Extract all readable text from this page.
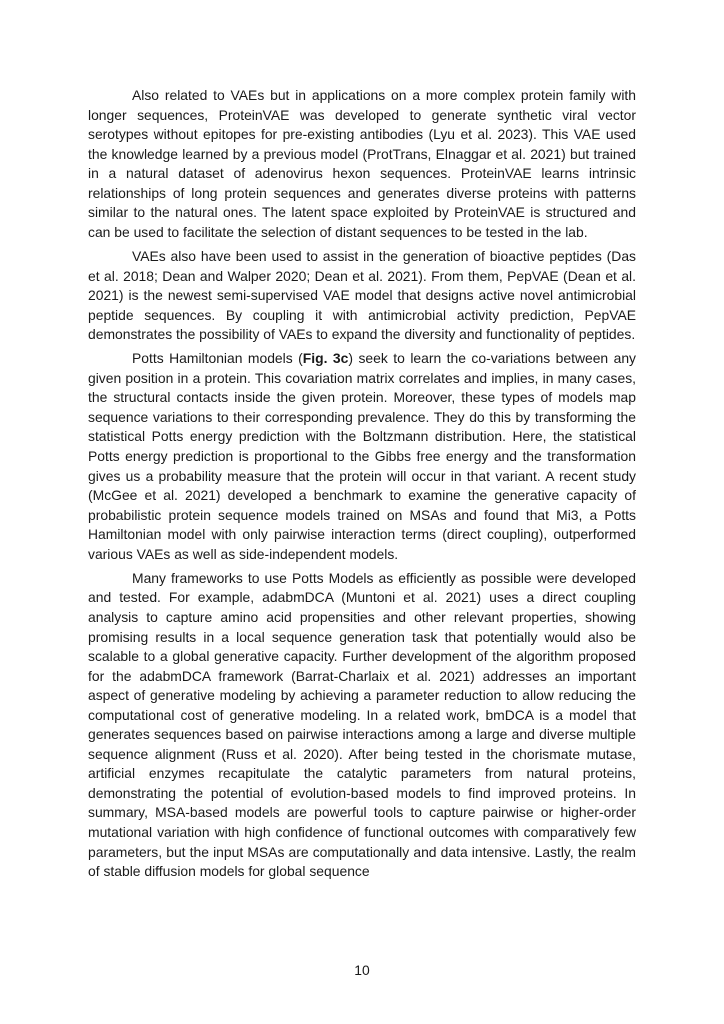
Also related to VAEs but in applications on a more complex protein family with longer sequences, ProteinVAE was developed to generate synthetic viral vector serotypes without epitopes for pre-existing antibodies (Lyu et al. 2023). This VAE used the knowledge learned by a previous model (ProtTrans, Elnaggar et al. 2021) but trained in a natural dataset of adenovirus hexon sequences. ProteinVAE learns intrinsic relationships of long protein sequences and generates diverse proteins with patterns similar to the natural ones. The latent space exploited by ProteinVAE is structured and can be used to facilitate the selection of distant sequences to be tested in the lab.

VAEs also have been used to assist in the generation of bioactive peptides (Das et al. 2018; Dean and Walper 2020; Dean et al. 2021). From them, PepVAE (Dean et al. 2021) is the newest semi-supervised VAE model that designs active novel antimicrobial peptide sequences. By coupling it with antimicrobial activity prediction, PepVAE demonstrates the possibility of VAEs to expand the diversity and functionality of peptides.

Potts Hamiltonian models (Fig. 3c) seek to learn the co-variations between any given position in a protein. This covariation matrix correlates and implies, in many cases, the structural contacts inside the given protein. Moreover, these types of models map sequence variations to their corresponding prevalence. They do this by transforming the statistical Potts energy prediction with the Boltzmann distribution. Here, the statistical Potts energy prediction is proportional to the Gibbs free energy and the transformation gives us a probability measure that the protein will occur in that variant. A recent study (McGee et al. 2021) developed a benchmark to examine the generative capacity of probabilistic protein sequence models trained on MSAs and found that Mi3, a Potts Hamiltonian model with only pairwise interaction terms (direct coupling), outperformed various VAEs as well as side-independent models.

Many frameworks to use Potts Models as efficiently as possible were developed and tested. For example, adabmDCA (Muntoni et al. 2021) uses a direct coupling analysis to capture amino acid propensities and other relevant properties, showing promising results in a local sequence generation task that potentially would also be scalable to a global generative capacity. Further development of the algorithm proposed for the adabmDCA framework (Barrat-Charlaix et al. 2021) addresses an important aspect of generative modeling by achieving a parameter reduction to allow reducing the computational cost of generative modeling. In a related work, bmDCA is a model that generates sequences based on pairwise interactions among a large and diverse multiple sequence alignment (Russ et al. 2020). After being tested in the chorismate mutase, artificial enzymes recapitulate the catalytic parameters from natural proteins, demonstrating the potential of evolution-based models to find improved proteins. In summary, MSA-based models are powerful tools to capture pairwise or higher-order mutational variation with high confidence of functional outcomes with comparatively few parameters, but the input MSAs are computationally and data intensive. Lastly, the realm of stable diffusion models for global sequence

10
